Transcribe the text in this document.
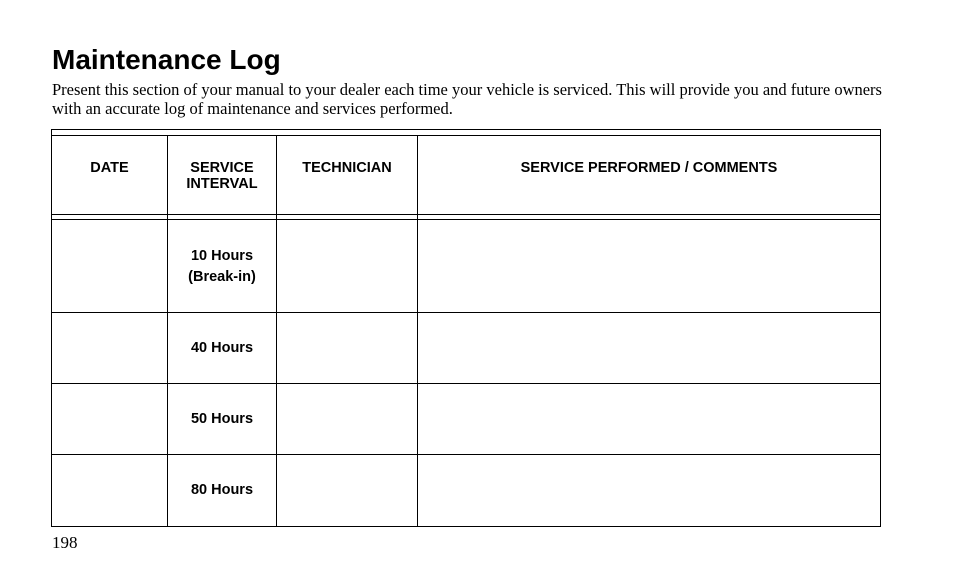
Maintenance Log

Present this section of your manual to your dealer each time your vehicle is serviced. This will provide you and future owners with an accurate log of maintenance and services performed.

DATE	SERVICE
INTERVAL
TECHNICIAN	SERVICE PERFORMED / COMMENTS
10 Hours
(Break-in)
40 Hours
50 Hours
80 Hours
198
